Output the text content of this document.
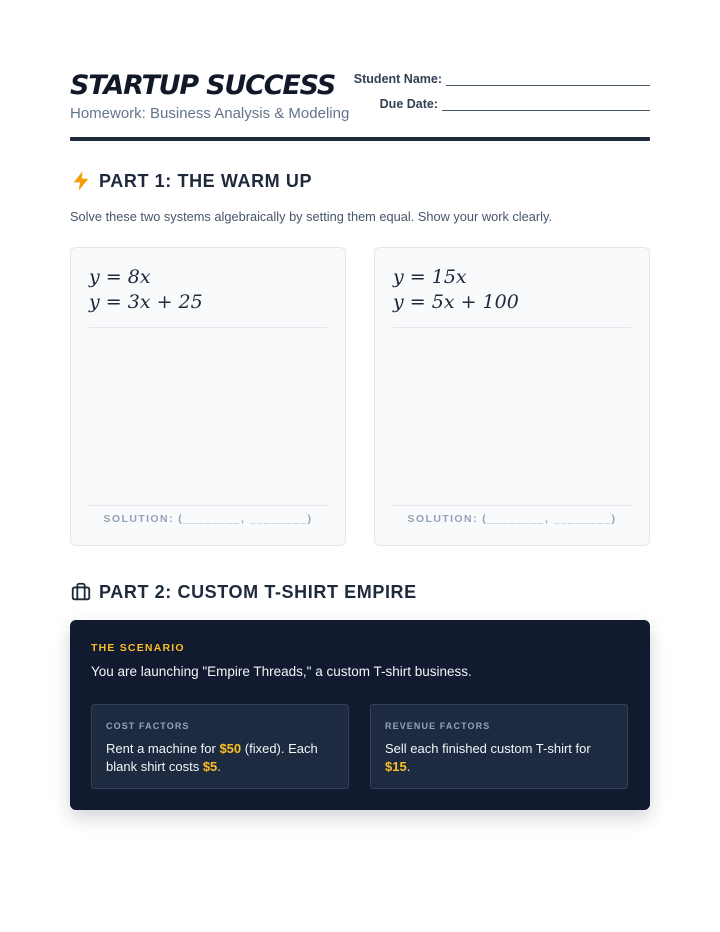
STARTUP SUCCESS
Homework: Business Analysis & Modeling
Student Name:
Due Date:
PART 1: THE WARM UP
Solve these two systems algebraically by setting them equal. Show your work clearly.
y = 8x
y = 3x + 25
SOLUTION: (________, ________)
y = 15x
y = 5x + 100
SOLUTION: (________, ________)
PART 2: CUSTOM T-SHIRT EMPIRE
THE SCENARIO
You are launching "Empire Threads," a custom T-shirt business.
COST FACTORS
Rent a machine for $50 (fixed). Each blank shirt costs $5.
REVENUE FACTORS
Sell each finished custom T-shirt for $15.
